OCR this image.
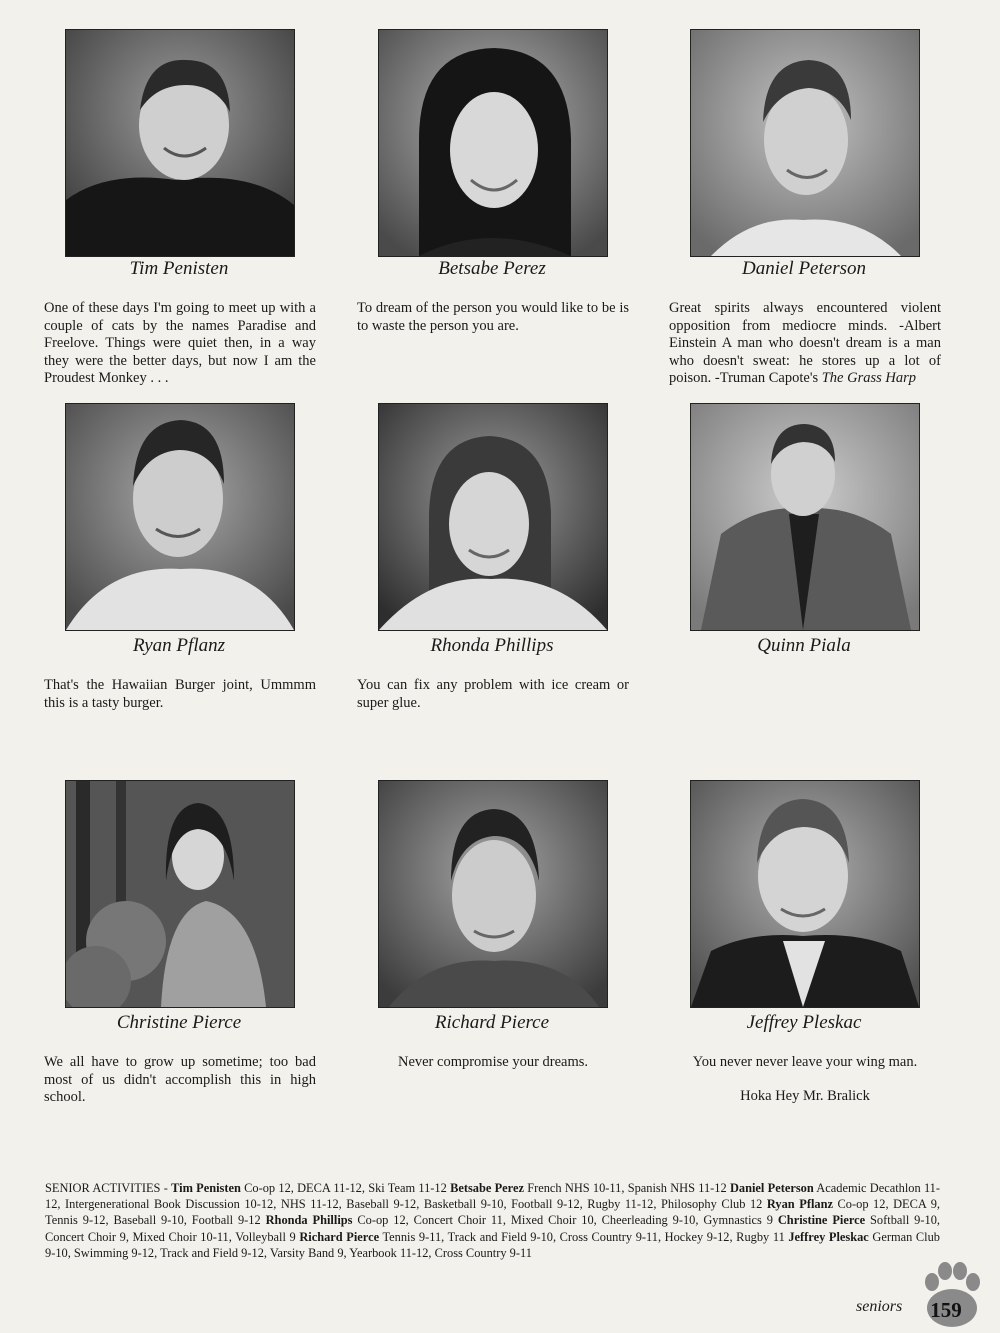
Tim Penisten
One of these days I'm going to meet up with a couple of cats by the names Paradise and Freelove. Things were quiet then, in a way they were the better days, but now I am the Proudest Monkey . . .
Betsabe Perez
To dream of the person you would like to be is to waste the person you are.
Daniel Peterson
Great spirits always encountered violent opposition from mediocre minds. -Albert Einstein A man who doesn't dream is a man who doesn't sweat: he stores up a lot of poison. -Truman Capote's The Grass Harp
Ryan Pflanz
That's the Hawaiian Burger joint, Ummmm this is a tasty burger.
Rhonda Phillips
You can fix any problem with ice cream or super glue.
Quinn Piala
Christine Pierce
We all have to grow up sometime; too bad most of us didn't accomplish this in high school.
Richard Pierce
Never compromise your dreams.
Jeffrey Pleskac
You never never leave your wing man.
Hoka Hey Mr. Bralick
SENIOR ACTIVITIES - Tim Penisten Co-op 12, DECA 11-12, Ski Team 11-12 Betsabe Perez French NHS 10-11, Spanish NHS 11-12 Daniel Peterson Academic Decathlon 11-12, Intergenerational Book Discussion 10-12, NHS 11-12, Baseball 9-12, Basketball 9-10, Football 9-12, Rugby 11-12, Philosophy Club 12 Ryan Pflanz Co-op 12, DECA 9, Tennis 9-12, Baseball 9-10, Football 9-12 Rhonda Phillips Co-op 12, Concert Choir 11, Mixed Choir 10, Cheerleading 9-10, Gymnastics 9 Christine Pierce Softball 9-10, Concert Choir 9, Mixed Choir 10-11, Volleyball 9 Richard Pierce Tennis 9-11, Track and Field 9-10, Cross Country 9-11, Hockey 9-12, Rugby 11 Jeffrey Pleskac German Club 9-10, Swimming 9-12, Track and Field 9-12, Varsity Band 9, Yearbook 11-12, Cross Country 9-11
seniors 159
